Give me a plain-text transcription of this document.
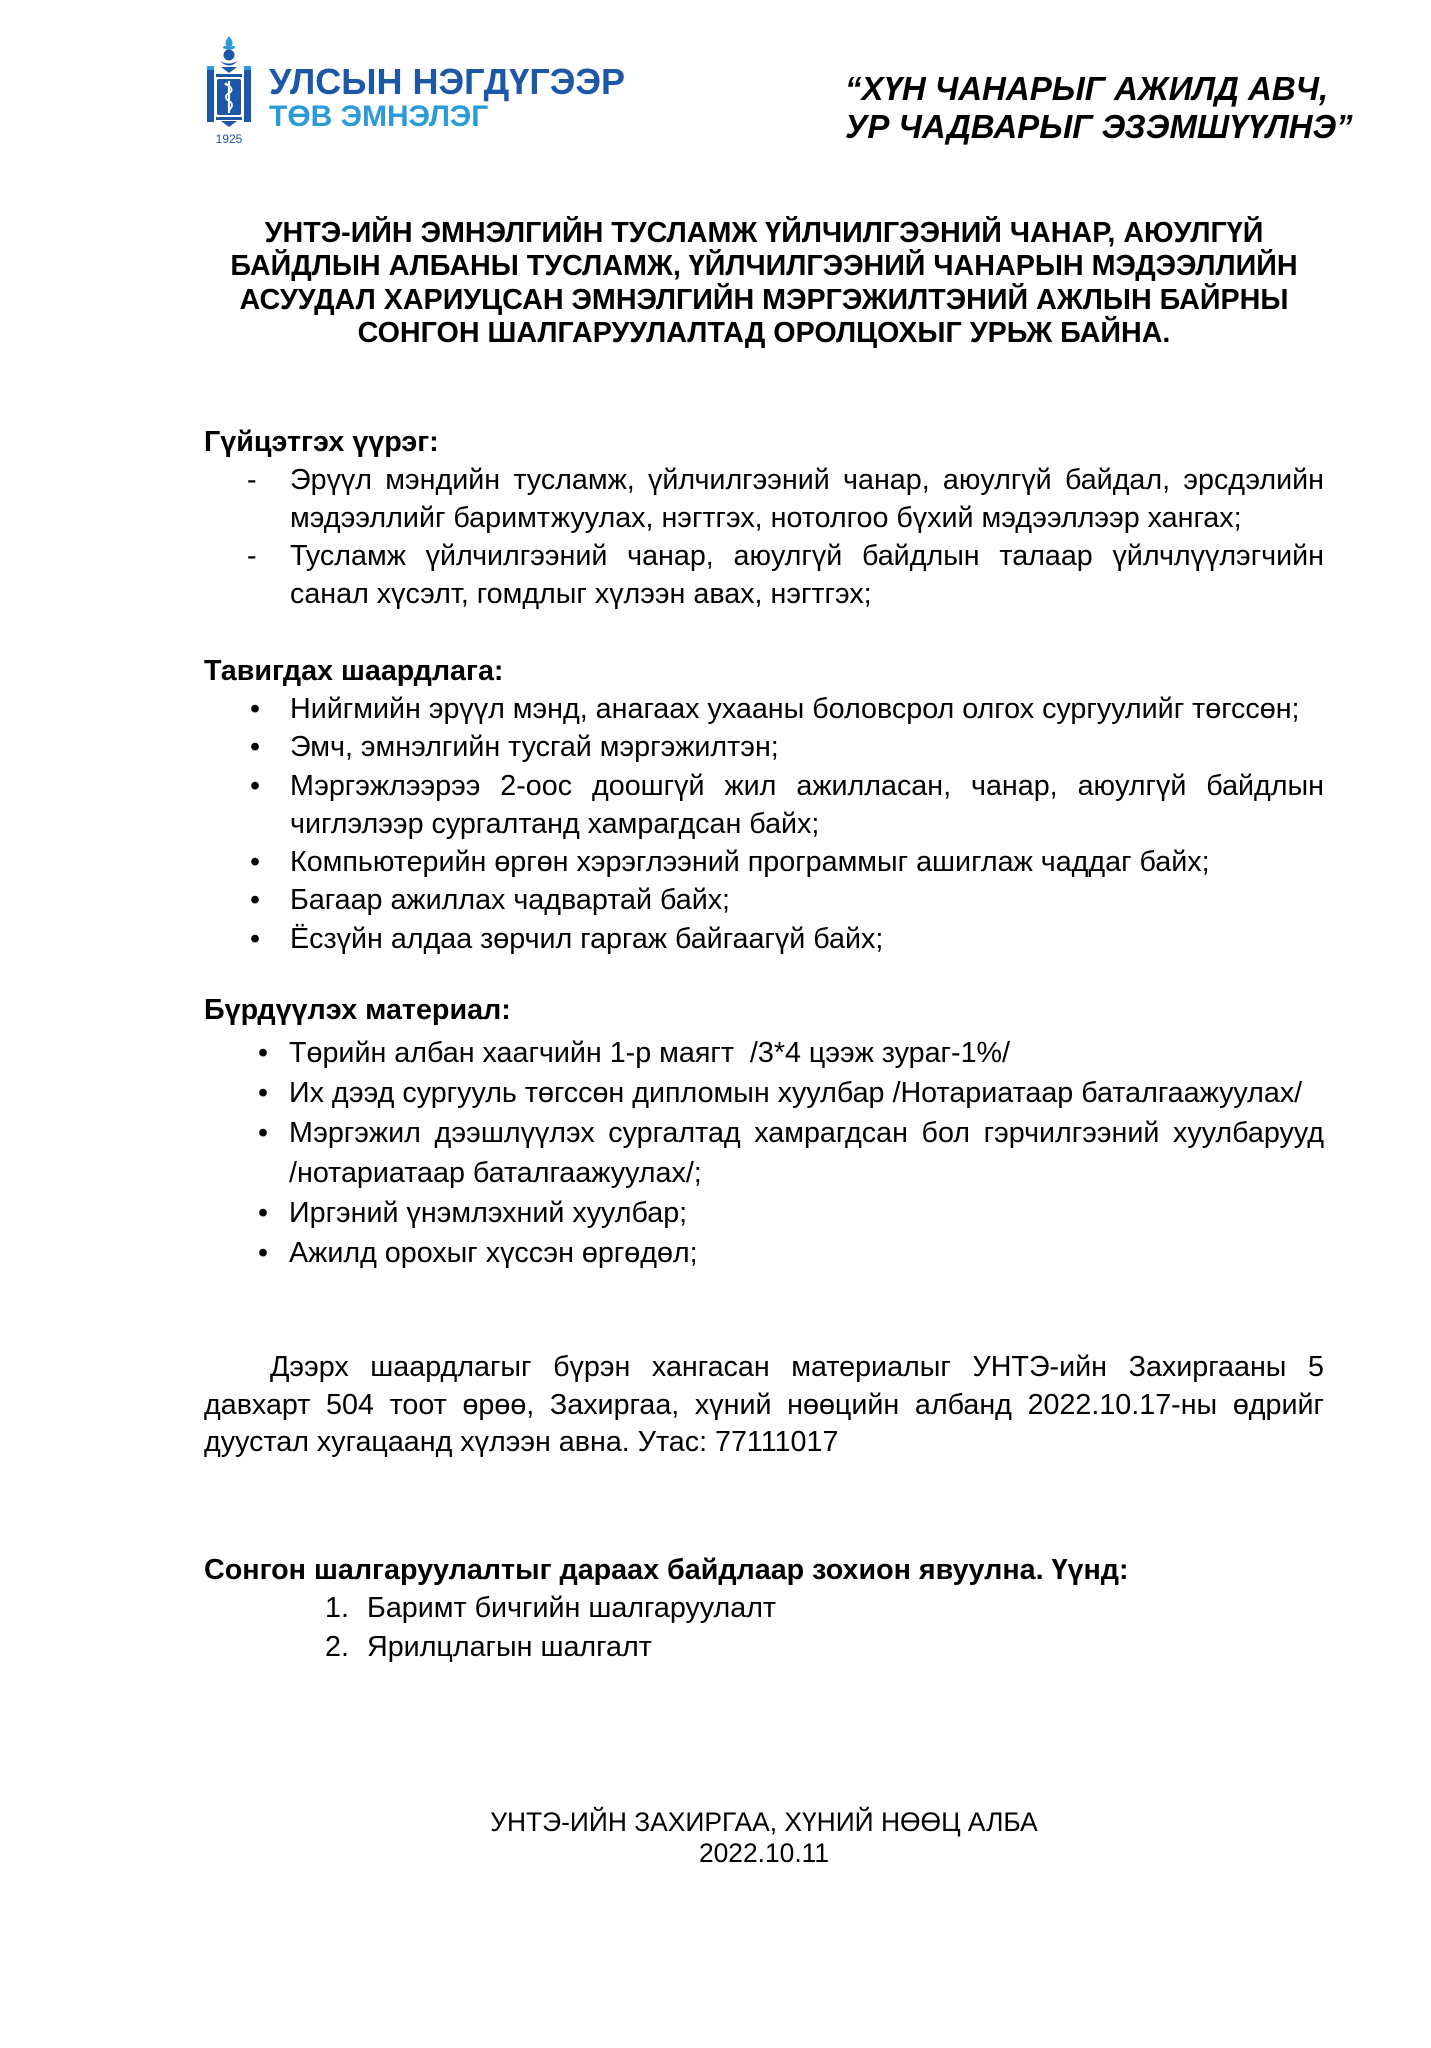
1925
УЛСЫН НЭГДҮГЭЭР
ТӨВ ЭМНЭЛЭГ
“ХҮН ЧАНАРЫГ АЖИЛД АВЧ,
УР ЧАДВАРЫГ ЭЗЭМШҮҮЛНЭ”
УНТЭ-ИЙН ЭМНЭЛГИЙН ТУСЛАМЖ ҮЙЛЧИЛГЭЭНИЙ ЧАНАР, АЮУЛГҮЙ
БАЙДЛЫН АЛБАНЫ ТУСЛАМЖ, ҮЙЛЧИЛГЭЭНИЙ ЧАНАРЫН МЭДЭЭЛЛИЙН
АСУУДАЛ ХАРИУЦСАН ЭМНЭЛГИЙН МЭРГЭЖИЛТЭНИЙ АЖЛЫН БАЙРНЫ
СОНГОН ШАЛГАРУУЛАЛТАД ОРОЛЦОХЫГ УРЬЖ БАЙНА.
Гүйцэтгэх үүрэг:
-	Эрүүл мэндийн тусламж, үйлчилгээний чанар, аюулгүй байдал, эрсдэлийн
мэдээллийг баримтжуулах, нэгтгэх, нотолгоо бүхий мэдээллээр хангах;
-	Тусламж үйлчилгээний чанар, аюулгүй байдлын талаар үйлчлүүлэгчийн
санал хүсэлт, гомдлыг хүлээн авах, нэгтгэх;
Тавигдах шаардлага:
•	Нийгмийн эрүүл мэнд, анагаах ухааны боловсрол олгох сургуулийг төгссөн;
•	Эмч, эмнэлгийн тусгай мэргэжилтэн;
•	Мэргэжлээрээ 2-оос доошгүй жил ажилласан, чанар, аюулгүй байдлын
чиглэлээр сургалтанд хамрагдсан байх;
•	Компьютерийн өргөн хэрэглээний программыг ашиглаж чаддаг байх;
•	Багаар ажиллах чадвартай байх;
•	Ёсзүйн алдаа зөрчил гаргаж байгаагүй байх;
Бүрдүүлэх материал:
• Төрийн албан хаагчийн 1-р маягт  /3*4 цээж зураг-1%/
• Их дээд сургууль төгссөн дипломын хуулбар /Нотариатаар баталгаажуулах/
• Мэргэжил дээшлүүлэх сургалтад хамрагдсан бол гэрчилгээний хуулбарууд
/нотариатаар баталгаажуулах/;
• Иргэний үнэмлэхний хуулбар;
• Ажилд орохыг хүссэн өргөдөл;
Дээрх шаардлагыг бүрэн хангасан материалыг УНТЭ-ийн Захиргааны 5
давхарт 504 тоот өрөө, Захиргаа, хүний нөөцийн албанд 2022.10.17-ны өдрийг
дуустал хугацаанд хүлээн авна. Утас: 77111017
Сонгон шалгаруулалтыг дараах байдлаар зохион явуулна. Үүнд:
1. Баримт бичгийн шалгаруулалт
2. Ярилцлагын шалгалт
УНТЭ-ИЙН ЗАХИРГАА, ХҮНИЙ НӨӨЦ АЛБА
2022.10.11
